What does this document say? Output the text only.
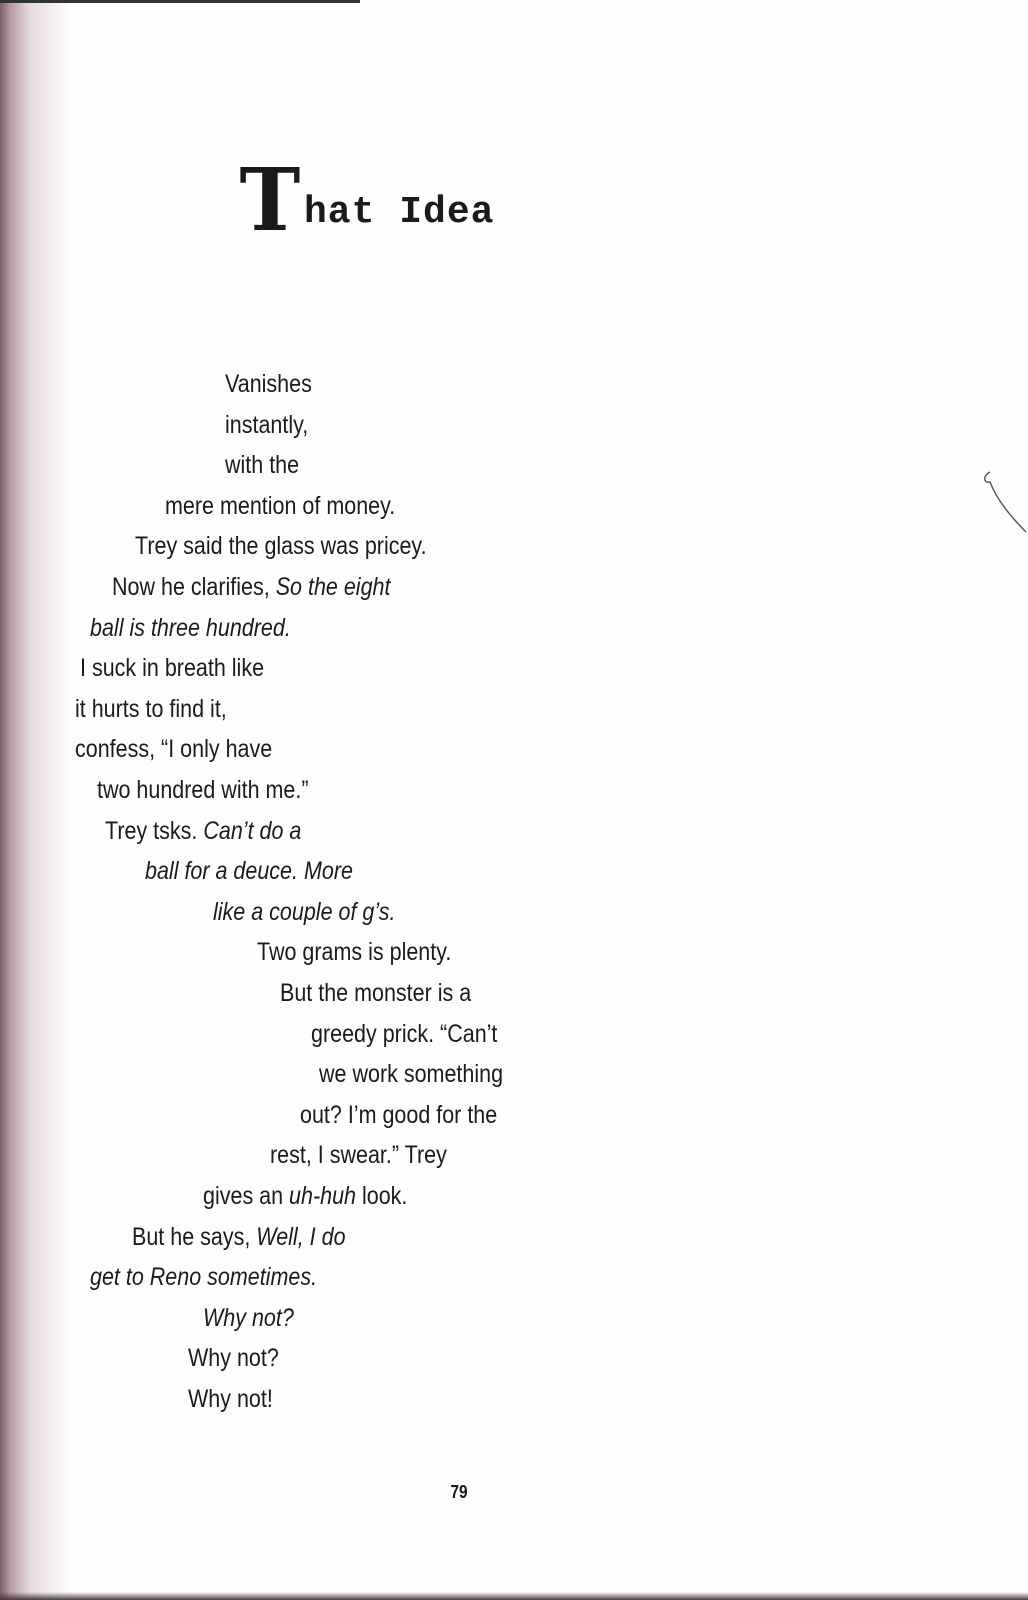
T hat Idea
Vanishes
instantly,
with the
mere mention of money.
Trey said the glass was pricey.
Now he clarifies, So the eight
ball is three hundred.
I suck in breath like
it hurts to find it,
confess, “I only have
two hundred with me.”
Trey tsks. Can’t do a
ball for a deuce. More
like a couple of g’s.
Two grams is plenty.
But the monster is a
greedy prick. “Can’t
we work something
out? I’m good for the
rest, I swear.” Trey
gives an uh-huh look.
But he says, Well, I do
get to Reno sometimes.
Why not?
Why not?
Why not!
79
